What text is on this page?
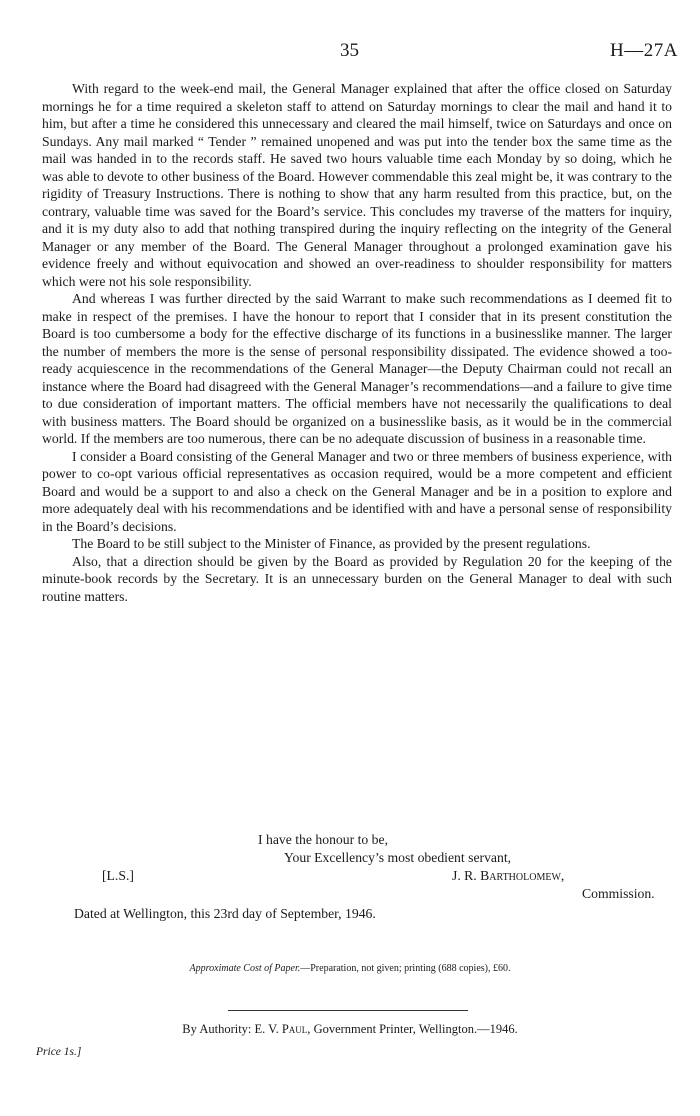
35	H—27A

With regard to the week-end mail, the General Manager explained that after the office closed on Saturday mornings he for a time required a skeleton staff to attend on Saturday mornings to clear the mail and hand it to him, but after a time he considered this unnecessary and cleared the mail himself, twice on Saturdays and once on Sundays. Any mail marked “ Tender ” remained unopened and was put into the tender box the same time as the mail was handed in to the records staff. He saved two hours valuable time each Monday by so doing, which he was able to devote to other business of the Board. However commendable this zeal might be, it was contrary to the rigidity of Treasury Instructions. There is nothing to show that any harm resulted from this practice, but, on the contrary, valuable time was saved for the Board’s service. This concludes my traverse of the matters for inquiry, and it is my duty also to add that nothing transpired during the inquiry reflecting on the integrity of the General Manager or any member of the Board. The General Manager throughout a prolonged examination gave his evidence freely and without equivocation and showed an over-readiness to shoulder responsibility for matters which were not his sole responsibility.

And whereas I was further directed by the said Warrant to make such recommendations as I deemed fit to make in respect of the premises. I have the honour to report that I consider that in its present constitution the Board is too cumbersome a body for the effective discharge of its functions in a businesslike manner. The larger the number of members the more is the sense of personal responsibility dissipated. The evidence showed a too-ready acquiescence in the recommendations of the General Manager—the Deputy Chairman could not recall an instance where the Board had disagreed with the General Manager’s recommendations—and a failure to give time to due consideration of important matters. The official members have not necessarily the qualifications to deal with business matters. The Board should be organized on a businesslike basis, as it would be in the commercial world. If the members are too numerous, there can be no adequate discussion of business in a reasonable time.

I consider a Board consisting of the General Manager and two or three members of business experience, with power to co-opt various official representatives as occasion required, would be a more competent and efficient Board and would be a support to and also a check on the General Manager and be in a position to explore and more adequately deal with his recommendations and be identified with and have a personal sense of responsibility in the Board’s decisions.

The Board to be still subject to the Minister of Finance, as provided by the present regulations.

Also, that a direction should be given by the Board as provided by Regulation 20 for the keeping of the minute-book records by the Secretary. It is an unnecessary burden on the General Manager to deal with such routine matters.

I have the honour to be,
Your Excellency’s most obedient servant,
[L.S.]	J. R. Bartholomew,
Commission.
Dated at Wellington, this 23rd day of September, 1946.
Approximate Cost of Paper.—Preparation, not given; printing (688 copies), £60.
By Authority: E. V. Paul, Government Printer, Wellington.—1946.
Price 1s.]
